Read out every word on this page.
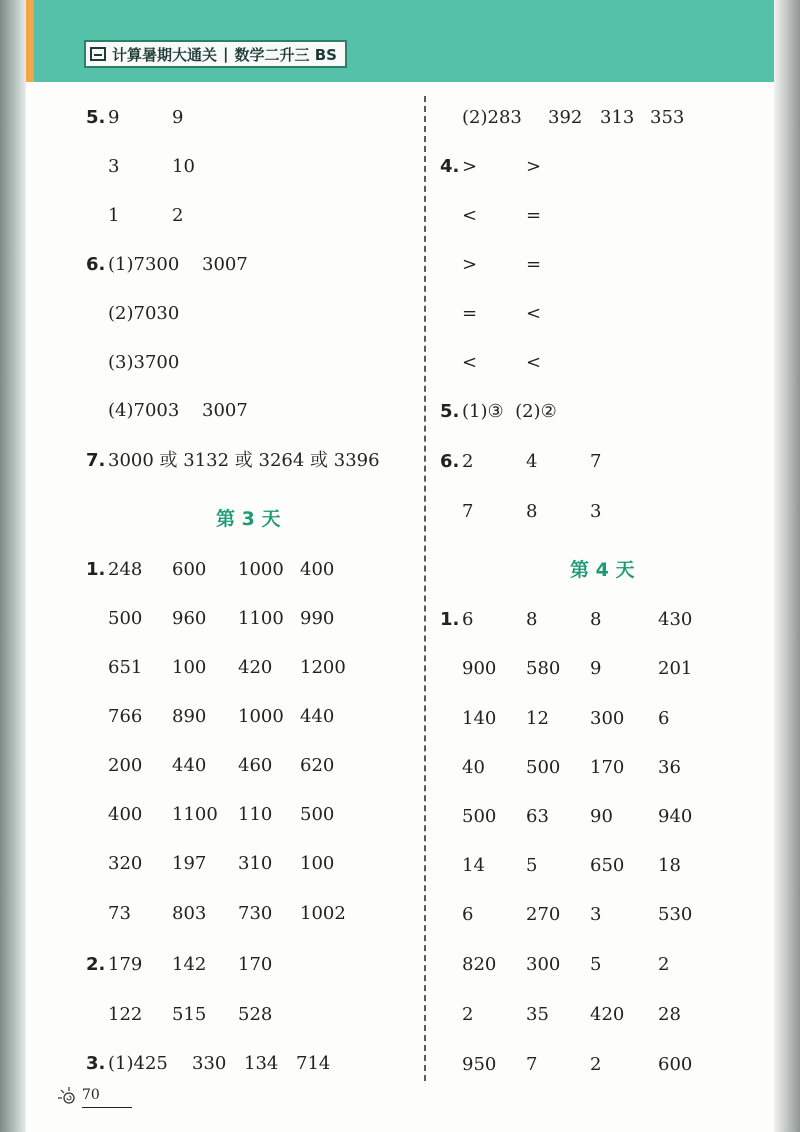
计算暑期大通关 | 数学二升三 BS
5. 9	9
3	10
1	2
6. (1)7300 3007
(2)7030
(3)3700
(4)7003 3007
7. 3000 或 3132 或 3264 或 3396
第 3 天
1. 248 600 1000 400
500 960 1100 990
651 100 420 1200
766 890 1000 440
200 440 460 620
400 1100 110 500
320 197 310 100
73 803 730 1002
2. 179 142 170
122 515 528
3. (1)425 330 134 714
(2)283 392 313 353
4. >	>
<	=
>	=
=	<
<	<
5. (1)③  (2)②
6. 2	4	7
7	8	3
第 4 天
1. 6	8	8	430
900 580 9	201
140 12 300 6
40 500 170 36
500 63 90	940
14 5	650 18
6	270 3	530
820 300 5	2
2	35 420 28
950 7	2	600
70
